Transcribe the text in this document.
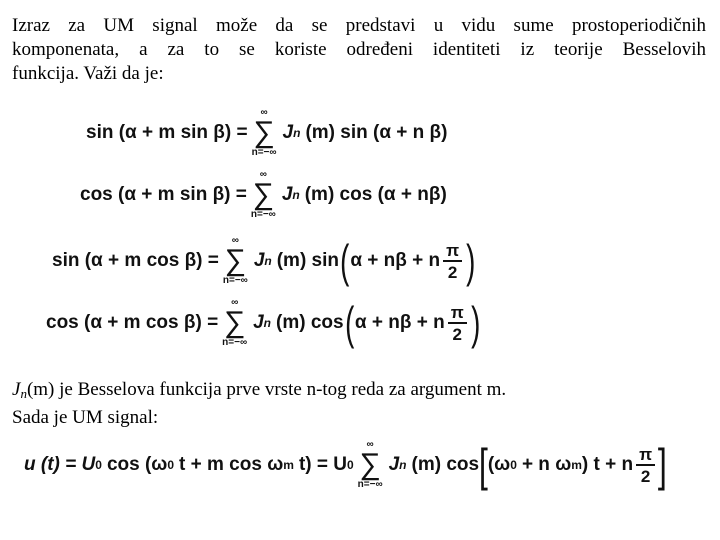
Izraz za UM signal može da se predstavi u vidu sume prostoperiodičnih
komponenata, a za to se koriste određeni identiteti iz teorije Besselovih
funkcija. Važi da je:
sin (α + m sin β) =
∞
∑
n=−∞
J n (m) sin (α + n β)
cos (α + m sin β) =
∞
∑
n=−∞
J n (m) cos (α + nβ)
sin (α + m cos β) =
∞
∑
n=−∞
J n (m) sin ( α + nβ + n $\frac{\pi}{2}$ )
cos (α + m cos β) =
∞
∑
n=−∞
J n (m) cos ( α + nβ + n $\frac{\pi}{2}$ )
Jn(m) je Besselova funkcija prve vrste n-tog reda za argument m.
Sada je UM signal:
u (t) = U 0 cos (ω 0 t + m cos ω m t) = U 0
∞
∑
n=−∞
J n (m) cos [ (ω 0 + n ω m ) t + n $\frac{\pi}{2}$ ]
